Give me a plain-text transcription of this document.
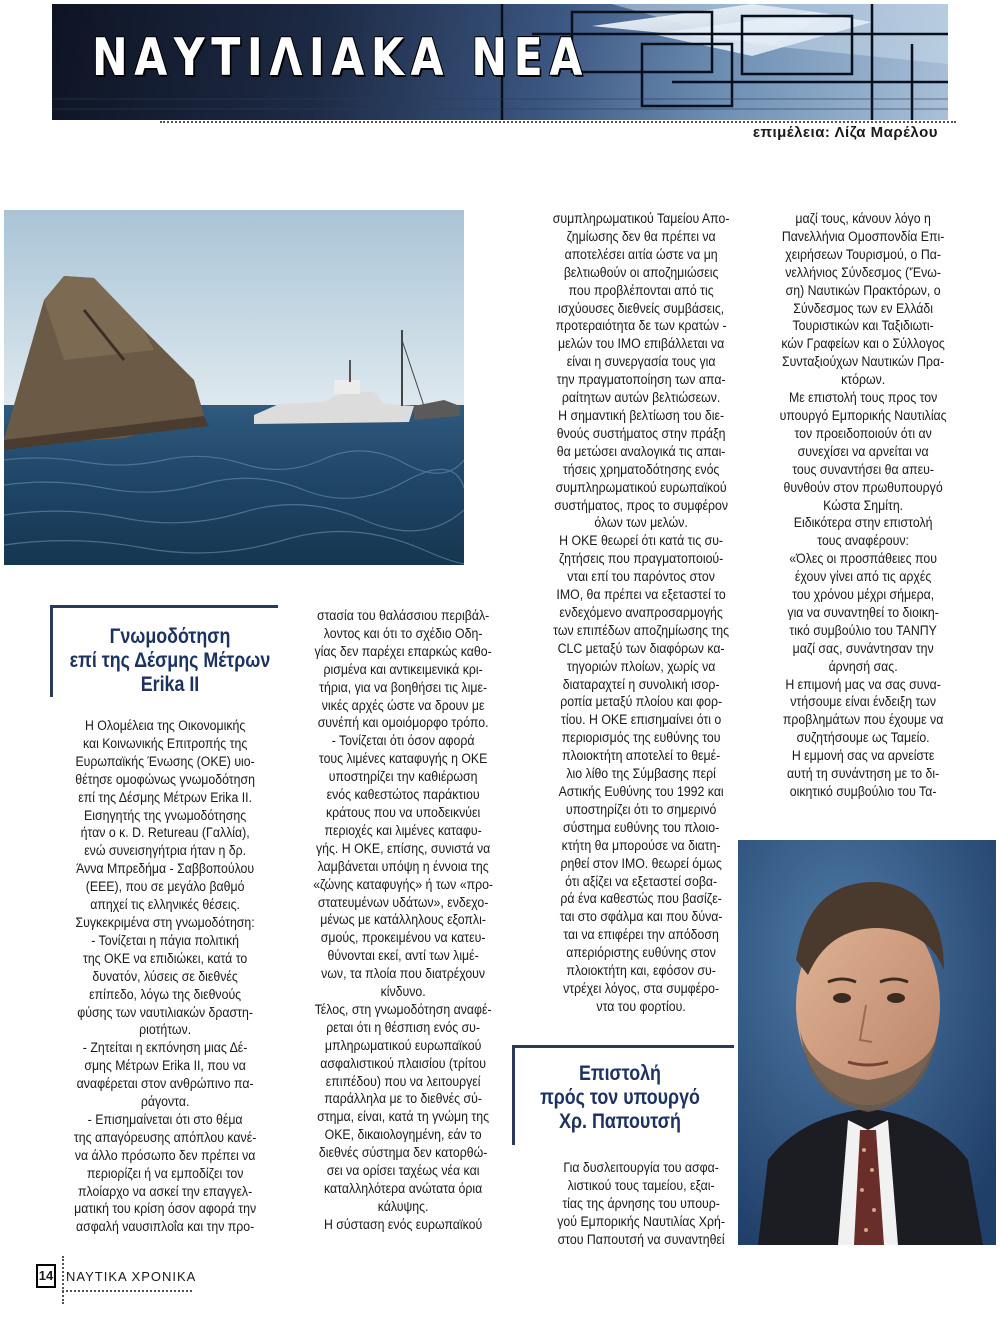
ΝΑΥΤΙΛΙΑΚΑ ΝΕΑ
επιμέλεια: Λίζα Μαρέλου
Γνωμοδότηση
επί της Δέσμης Μέτρων
Erika II
Επιστολή
πρός τον υπουργό
Χρ. Παπουτσή

Η Ολομέλεια της Οικονομικής

και Κοινωνικής Επιτροπής της

Ευρωπαϊκής Ένωσης (ΟΚΕ) υιο-

θέτησε ομοφώνως γνωμοδότηση

επί της Δέσμης Μέτρων Erika II.

Εισηγητής της γνωμοδότησης

ήταν ο κ. D. Retureau (Γαλλία),

ενώ συνεισηγήτρια ήταν η δρ.

Άννα Μπρεδήμα - Σαββοπούλου

(ΕΕΕ), που σε μεγάλο βαθμό

απηχεί τις ελληνικές θέσεις.

Συγκεκριμένα στη γνωμοδότηση:

- Τονίζεται η πάγια πολιτική

της ΟΚΕ να επιδιώκει, κατά το

δυνατόν, λύσεις σε διεθνές

επίπεδο, λόγω της διεθνούς

φύσης των ναυτιλιακών δραστη-

ριοτήτων.

- Ζητείται η εκπόνηση μιας Δέ-

σμης Μέτρων Erika II, που να

αναφέρεται στον ανθρώπινο πα-

ράγοντα.

- Επισημαίνεται ότι στο θέμα

της απαγόρευσης απόπλου κανέ-

να άλλο πρόσωπο δεν πρέπει να

περιορίζει ή να εμποδίζει τον

πλοίαρχο να ασκεί την επαγγελ-

ματική του κρίση όσον αφορά την

ασφαλή ναυσιπλοΐα και την προ-

στασία του θαλάσσιου περιβάλ-

λοντος και ότι το σχέδιο Οδη-

γίας δεν παρέχει επαρκώς καθο-

ρισμένα και αντικειμενικά κρι-

τήρια, για να βοηθήσει τις λιμε-

νικές αρχές ώστε να δρουν με

συνέπή και ομοιόμορφο τρόπο.

- Τονίζεται ότι όσον αφορά

τους λιμένες καταφυγής η ΟΚΕ

υποστηρίζει την καθιέρωση

ενός καθεστώτος παράκτιου

κράτους που να υποδεικνύει

περιοχές και λιμένες καταφυ-

γής. Η ΟΚΕ, επίσης, συνιστά να

λαμβάνεται υπόψη η έννοια της

«ζώνης καταφυγής» ή των «προ-

στατευμένων υδάτων», ενδεχο-

μένως με κατάλληλους εξοπλι-

σμούς, προκειμένου να κατευ-

θύνονται εκεί, αντί των λιμέ-

νων, τα πλοία που διατρέχουν

κίνδυνο.

Τέλος, στη γνωμοδότηση αναφέ-

ρεται ότι η θέσπιση ενός συ-

μπληρωματικού ευρωπαϊκού

ασφαλιστικού πλαισίου (τρίτου

επιπέδου) που να λειτουργεί

παράλληλα με το διεθνές σύ-

στημα, είναι, κατά τη γνώμη της

ΟΚΕ, δικαιολογημένη, εάν το

διεθνές σύστημα δεν κατορθώ-

σει να ορίσει ταχέως νέα και

καταλληλότερα ανώτατα όρια

κάλυψης.

Η σύσταση ενός ευρωπαϊκού

συμπληρωματικού Ταμείου Απο-

ζημίωσης δεν θα πρέπει να

αποτελέσει αιτία ώστε να μη

βελτιωθούν οι αποζημιώσεις

που προβλέπονται από τις

ισχύουσες διεθνείς συμβάσεις,

προτεραιότητα δε των κρατών -

μελών του ΙΜΟ επιβάλλεται να

είναι η συνεργασία τους για

την πραγματοποίηση των απα-

ραίτητων αυτών βελτιώσεων.

Η σημαντική βελτίωση του διε-

θνούς συστήματος στην πράξη

θα μετώσει αναλογικά τις απαι-

τήσεις χρηματοδότησης ενός

συμπληρωματικού ευρωπαϊκού

συστήματος, προς το συμφέρον

όλων των μελών.

Η ΟΚΕ θεωρεί ότι κατά τις συ-

ζητήσεις που πραγματοποιού-

νται επί του παρόντος στον

ΙΜΟ, θα πρέπει να εξεταστεί το

ενδεχόμενο αναπροσαρμογής

των επιπέδων αποζημίωσης της

CLC μεταξύ των διαφόρων κα-

τηγοριών πλοίων, χωρίς να

διαταραχτεί η συνολική ισορ-

ροπία μεταξύ πλοίου και φορ-

τίου. Η ΟΚΕ επισημαίνει ότι ο

περιορισμός της ευθύνης του

πλοιοκτήτη αποτελεί το θεμέ-

λιο λίθο της Σύμβασης περί

Αστικής Ευθύνης του 1992 και

υποστηρίζει ότι το σημερινό

σύστημα ευθύνης του πλοιο-

κτήτη θα μπορούσε να διατη-

ρηθεί στον ΙΜΟ. θεωρεί όμως

ότι αξίζει να εξεταστεί σοβα-

ρά ένα καθεστώς που βασίζε-

ται στο σφάλμα και που δύνα-

ται να επιφέρει την απόδοση

απεριόριστης ευθύνης στον

πλοιοκτήτη και, εφόσον συ-

ντρέχει λόγος, στα συμφέρο-

ντα του φορτίου.

Για δυσλειτουργία του ασφα-

λιστικού τους ταμείου, εξαι-

τίας της άρνησης του υπουρ-

γού Εμπορικής Ναυτιλίας Χρή-

στου Παπουτσή να συναντηθεί

μαζί τους, κάνουν λόγο η

Πανελλήνια Ομοσπονδία Επι-

χειρήσεων Τουρισμού, ο Πα-

νελλήνιος Σύνδεσμος ('Ένω-

ση) Ναυτικών Πρακτόρων, ο

Σύνδεσμος των εν Ελλάδι

Τουριστικών και Ταξιδιωτι-

κών Γραφείων και ο Σύλλογος

Συνταξιούχων Ναυτικών Πρα-

κτόρων.

Με επιστολή τους προς τον

υπουργό Εμπορικής Ναυτιλίας

τον προειδοποιούν ότι αν

συνεχίσει να αρνείται να

τους συναντήσει θα απευ-

θυνθούν στον πρωθυπουργό

Κώστα Σημίτη.

Ειδικότερα στην επιστολή

τους αναφέρουν:

«Όλες οι προσπάθειες που

έχουν γίνει από τις αρχές

του χρόνου μέχρι σήμερα,

για να συναντηθεί το διοικη-

τικό συμβούλιο του ΤΑΝΠΥ

μαζί σας, συνάντησαν την

άρνησή σας.

Η επιμονή μας να σας συνα-

ντήσουμε είναι ένδειξη των

προβλημάτων που έχουμε να

συζητήσουμε ως Ταμείο.

Η εμμονή σας να αρνείστε

αυτή τη συνάντηση με το δι-

οικητικό συμβούλιο του Τα-

14 ΝΑΥΤΙΚΑ ΧΡΟΝΙΚΑ
